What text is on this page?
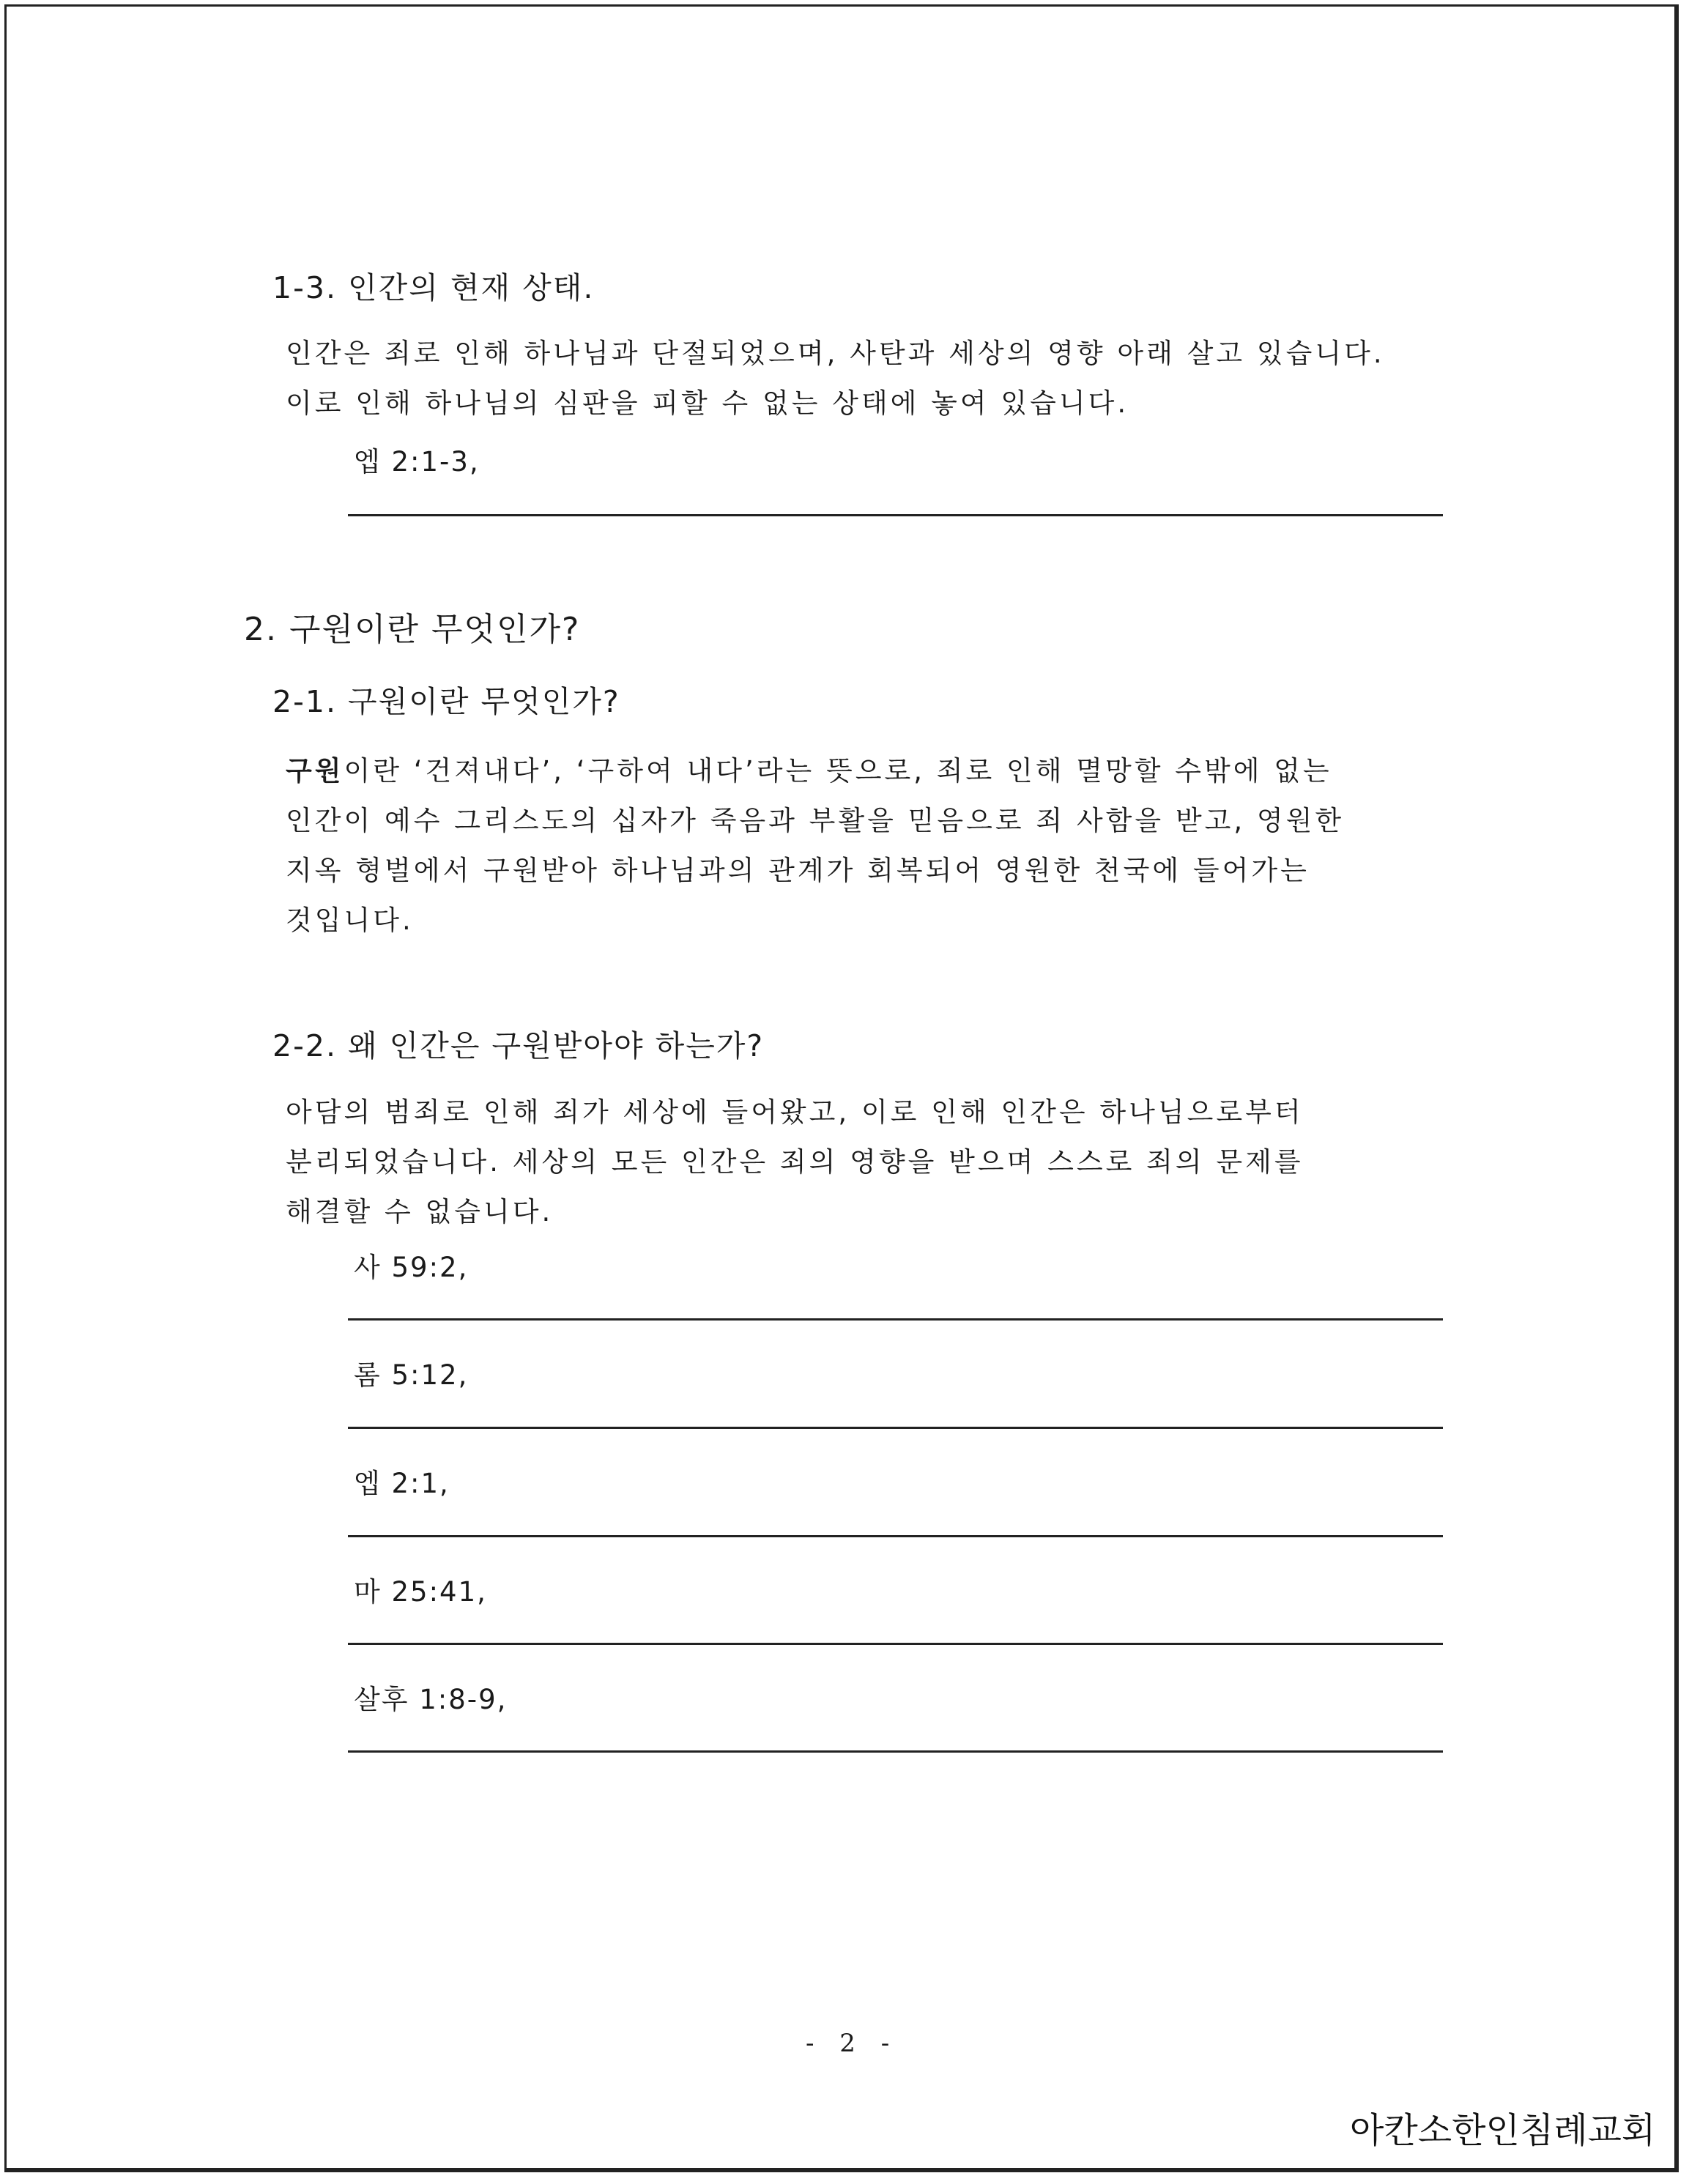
1-3. 인간의 현재 상태.
인간은 죄로 인해 하나님과 단절되었으며, 사탄과 세상의 영향 아래 살고 있습니다.
이로 인해 하나님의 심판을 피할 수 없는 상태에 놓여 있습니다.
엡 2:1-3,
2. 구원이란 무엇인가?
2-1. 구원이란 무엇인가?
구원이란 ‘건져내다’, ‘구하여 내다’라는 뜻으로, 죄로 인해 멸망할 수밖에 없는
인간이 예수 그리스도의 십자가 죽음과 부활을 믿음으로 죄 사함을 받고, 영원한
지옥 형벌에서 구원받아 하나님과의 관계가 회복되어 영원한 천국에 들어가는
것입니다.
2-2. 왜 인간은 구원받아야 하는가?
아담의 범죄로 인해 죄가 세상에 들어왔고, 이로 인해 인간은 하나님으로부터
분리되었습니다. 세상의 모든 인간은 죄의 영향을 받으며 스스로 죄의 문제를
해결할 수 없습니다.
사 59:2,
롬 5:12,
엡 2:1,
마 25:41,
살후 1:8-9,
- 2 -
아칸소한인침례교회
